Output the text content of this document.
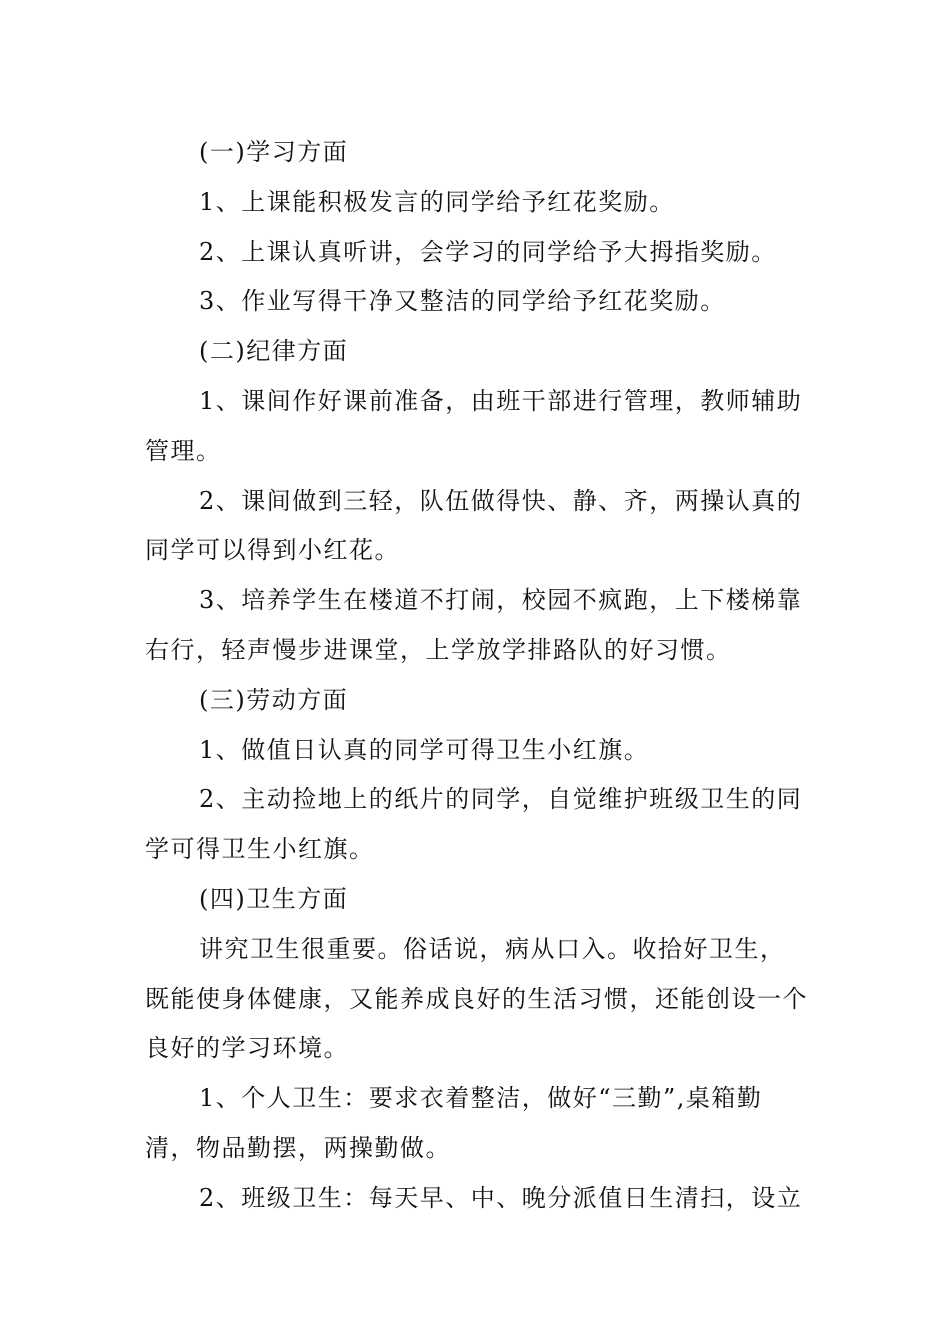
(一)学习方面

1、上课能积极发言的同学给予红花奖励。

2、上课认真听讲，会学习的同学给予大拇指奖励。

3、作业写得干净又整洁的同学给予红花奖励。

(二)纪律方面

1、课间作好课前准备，由班干部进行管理，教师辅助管理。

2、课间做到三轻，队伍做得快、静、齐，两操认真的同学可以得到小红花。

3、培养学生在楼道不打闹，校园不疯跑，上下楼梯靠右行，轻声慢步进课堂，上学放学排路队的好习惯。

(三)劳动方面

1、做值日认真的同学可得卫生小红旗。

2、主动捡地上的纸片的同学，自觉维护班级卫生的同学可得卫生小红旗。

(四)卫生方面

讲究卫生很重要。俗话说，病从口入。收拾好卫生，既能使身体健康，又能养成良好的生活习惯，还能创设一个良好的学习环境。

1、个人卫生：要求衣着整洁，做好“三勤”,桌箱勤清，物品勤摆，两操勤做。

2、班级卫生：每天早、中、晚分派值日生清扫，设立
